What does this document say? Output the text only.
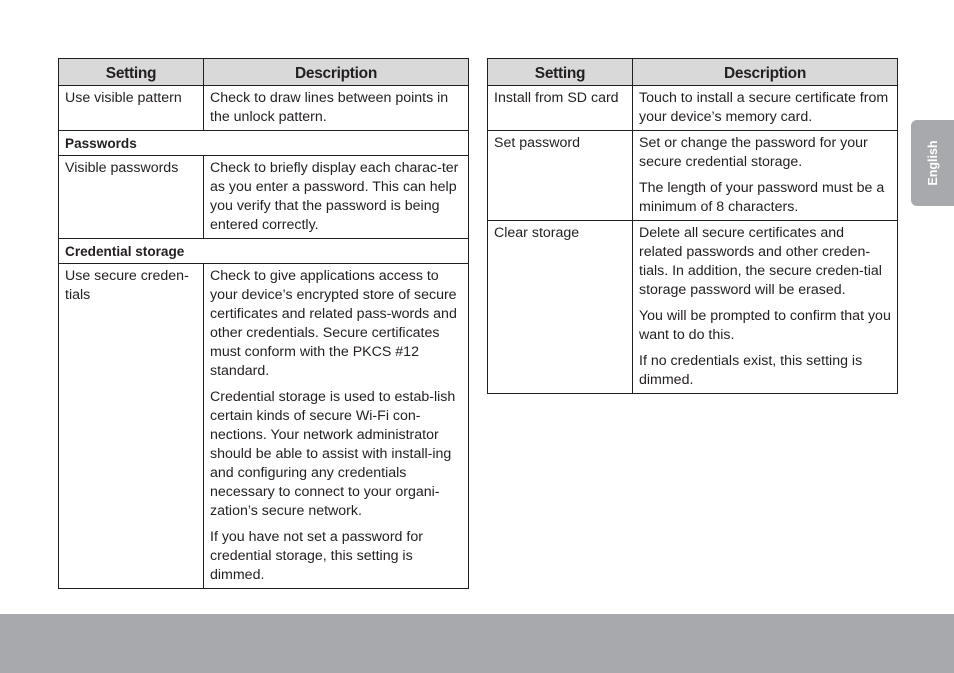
Setting	Description
Use visible pattern	Check to draw lines between points in the unlock pattern.

Passwords	
Visible passwords	Check to briefly display each charac-ter as you enter a password. This can help you verify that the password is being entered correctly.

Credential storage	
Use secure creden-tials	Check to give applications access to your device’s encrypted store of secure certificates and related pass-words and other credentials. Secure certificates must conform with the PKCS #12 standard.
Credential storage is used to estab-lish certain kinds of secure Wi-Fi con-nections. Your network administrator should be able to assist with install-ing and configuring any credentials necessary to connect to your organi-zation’s secure network.
If you have not set a password for credential storage, this setting is dimmed.
Setting	Description
Install from SD card	Touch to install a secure certificate from your device’s memory card.

Set password	Set or change the password for your secure credential storage.
The length of your password must be a minimum of 8 characters.

Clear storage	Delete all secure certificates and related passwords and other creden-tials. In addition, the secure creden-tial storage password will be erased.
You will be prompted to confirm that you want to do this.
If no credentials exist, this setting is dimmed.
English
